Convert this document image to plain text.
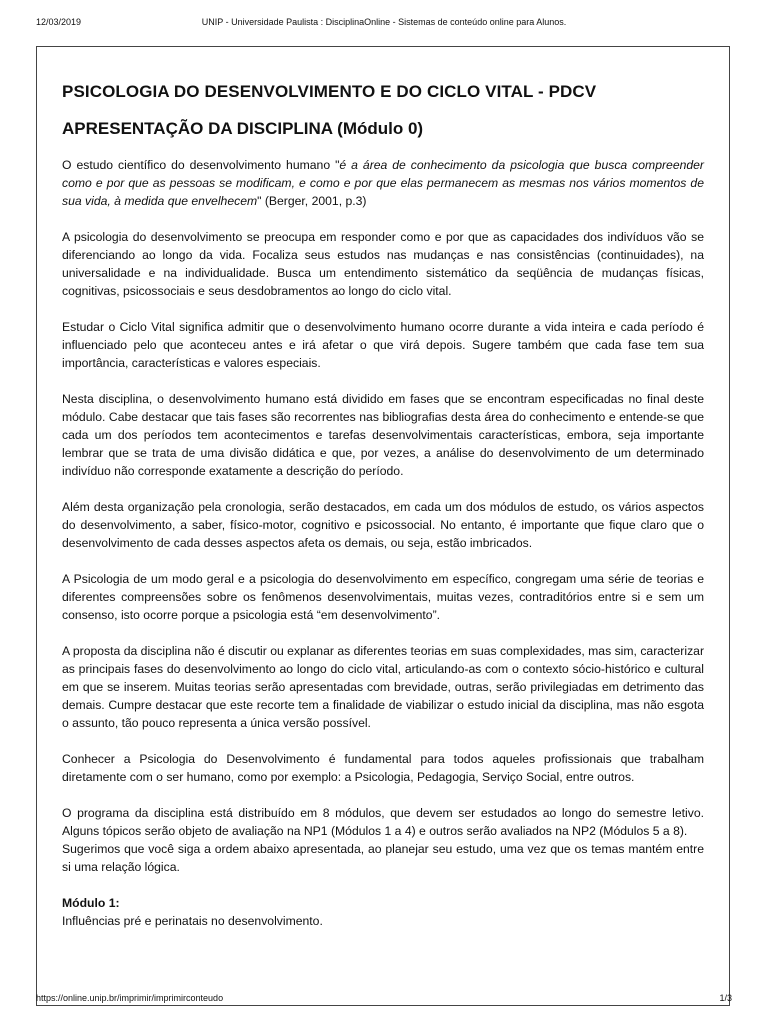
12/03/2019	UNIP - Universidade Paulista : DisciplinaOnline - Sistemas de conteúdo online para Alunos.
PSICOLOGIA DO DESENVOLVIMENTO E DO CICLO VITAL - PDCV
APRESENTAÇÃO DA DISCIPLINA (Módulo 0)

O estudo científico do desenvolvimento humano "é a área de conhecimento da psicologia que busca compreender como e por que as pessoas se modificam, e como e por que elas permanecem as mesmas nos vários momentos de sua vida, à medida que envelhecem" (Berger, 2001, p.3)

A psicologia do desenvolvimento se preocupa em responder como e por que as capacidades dos indivíduos vão se diferenciando ao longo da vida. Focaliza seus estudos nas mudanças e nas consistências (continuidades), na universalidade e na individualidade. Busca um entendimento sistemático da seqüência de mudanças físicas, cognitivas, psicossociais e seus desdobramentos ao longo do ciclo vital.

Estudar o Ciclo Vital significa admitir que o desenvolvimento humano ocorre durante a vida inteira e cada período é influenciado pelo que aconteceu antes e irá afetar o que virá depois. Sugere também que cada fase tem sua importância, características e valores especiais.

Nesta disciplina, o desenvolvimento humano está dividido em fases que se encontram especificadas no final deste módulo. Cabe destacar que tais fases são recorrentes nas bibliografias desta área do conhecimento e entende-se que cada um dos períodos tem acontecimentos e tarefas desenvolvimentais características, embora, seja importante lembrar que se trata de uma divisão didática e que, por vezes, a análise do desenvolvimento de um determinado indivíduo não corresponde exatamente a descrição do período.

Além desta organização pela cronologia, serão destacados, em cada um dos módulos de estudo, os vários aspectos do desenvolvimento, a saber, físico-motor, cognitivo e psicossocial. No entanto, é importante que fique claro que o desenvolvimento de cada desses aspectos afeta os demais, ou seja, estão imbricados.

A Psicologia de um modo geral e a psicologia do desenvolvimento em específico, congregam uma série de teorias e diferentes compreensões sobre os fenômenos desenvolvimentais, muitas vezes, contraditórios entre si e sem um consenso, isto ocorre porque a psicologia está “em desenvolvimento”.

A proposta da disciplina não é discutir ou explanar as diferentes teorias em suas complexidades, mas sim, caracterizar as principais fases do desenvolvimento ao longo do ciclo vital, articulando-as com o contexto sócio-histórico e cultural em que se inserem. Muitas teorias serão apresentadas com brevidade, outras, serão privilegiadas em detrimento das demais. Cumpre destacar que este recorte tem a finalidade de viabilizar o estudo inicial da disciplina, mas não esgota o assunto, tão pouco representa a única versão possível.

Conhecer a Psicologia do Desenvolvimento é fundamental para todos aqueles profissionais que trabalham diretamente com o ser humano, como por exemplo: a Psicologia, Pedagogia, Serviço Social, entre outros.

O programa da disciplina está distribuído em 8 módulos, que devem ser estudados ao longo do semestre letivo. Alguns tópicos serão objeto de avaliação na NP1 (Módulos 1 a 4) e outros serão avaliados na NP2 (Módulos 5 a 8).

Sugerimos que você siga a ordem abaixo apresentada, ao planejar seu estudo, uma vez que os temas mantém entre si uma relação lógica.

Módulo 1:

Influências pré e perinatais no desenvolvimento.

https://online.unip.br/imprimir/imprimirconteudo	1/3
